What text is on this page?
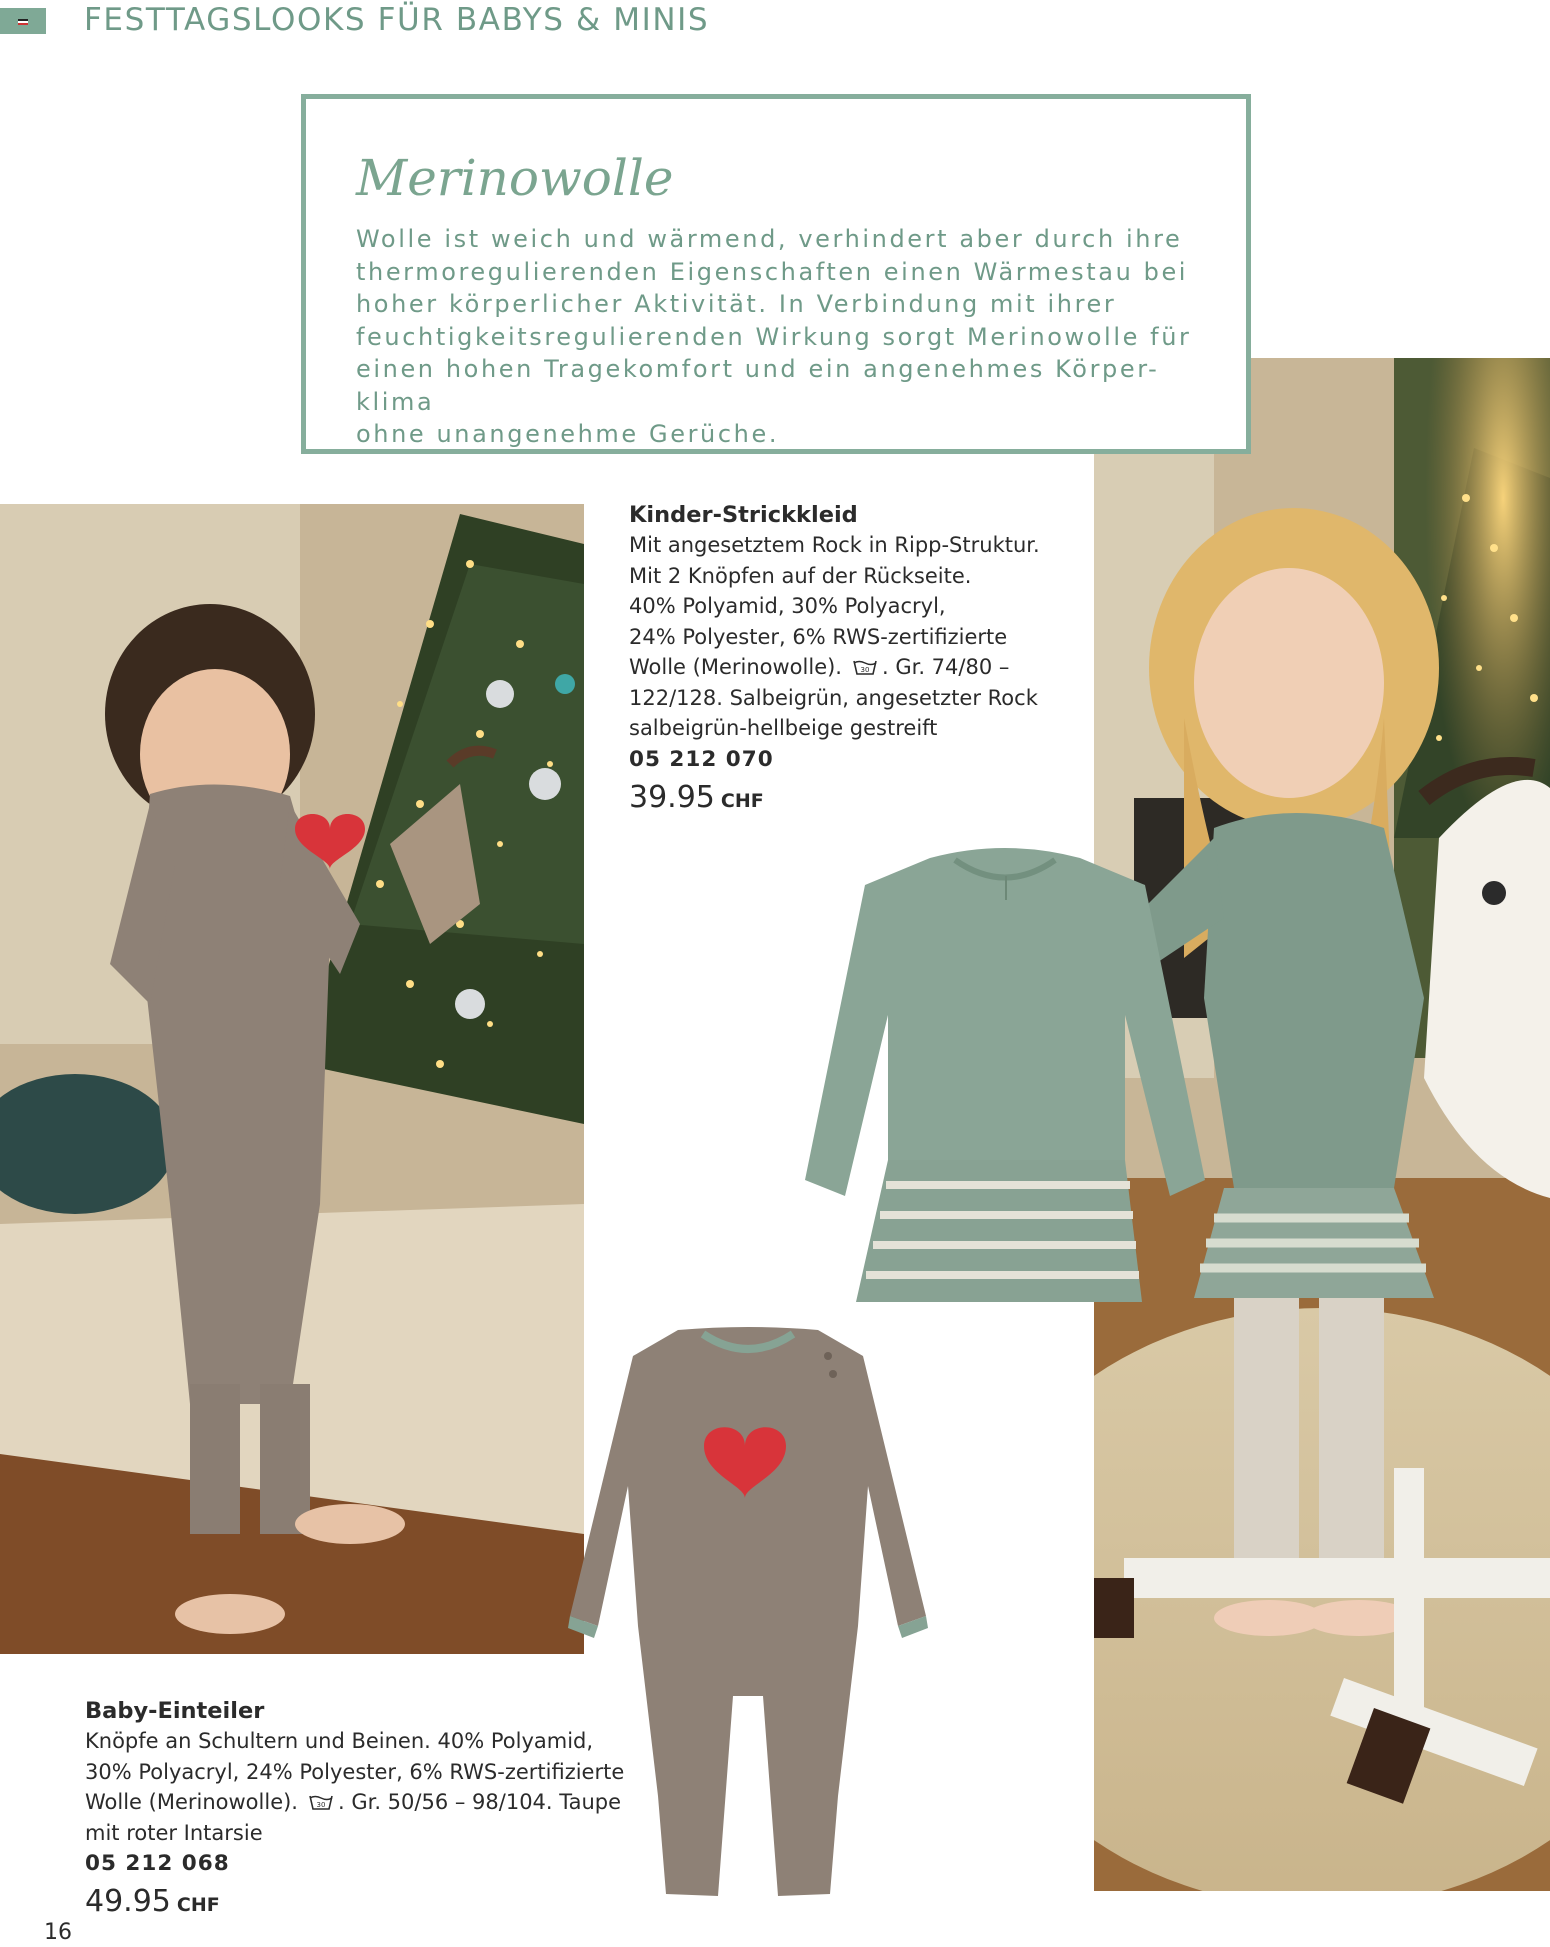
FESTTAGSLOOKS FÜR BABYS & MINIS
Merinowolle
Wolle ist weich und wärmend, verhindert aber durch ihre
thermoregulierenden Eigenschaften einen Wärmestau bei
hoher körperlicher Aktivität. In Verbindung mit ihrer
feuchtigkeitsregulierenden Wirkung sorgt Merinowolle für
einen hohen Tragekomfort und ein angenehmes Körper-klima
ohne unangenehme Gerüche.
Kinder-Strickkleid
Mit angesetztem Rock in Ripp-Struktur.
Mit 2 Knöpfen auf der Rückseite.
40% Polyamid, 30% Polyacryl,
24% Polyester, 6% RWS-zertifizierte
Wolle (Merinowolle).	30 . Gr. 74/80 –
122/128. Salbeigrün, angesetzter Rock
salbeigrün-hellbeige gestreift
05 212 070
39.95 CHF
Baby-Einteiler
Knöpfe an Schultern und Beinen. 40% Polyamid,
30% Polyacryl, 24% Polyester, 6% RWS-zertifizierte
Wolle (Merinowolle).	30 . Gr. 50/56 – 98/104. Taupe
mit roter Intarsie
05 212 068
49.95 CHF
16
